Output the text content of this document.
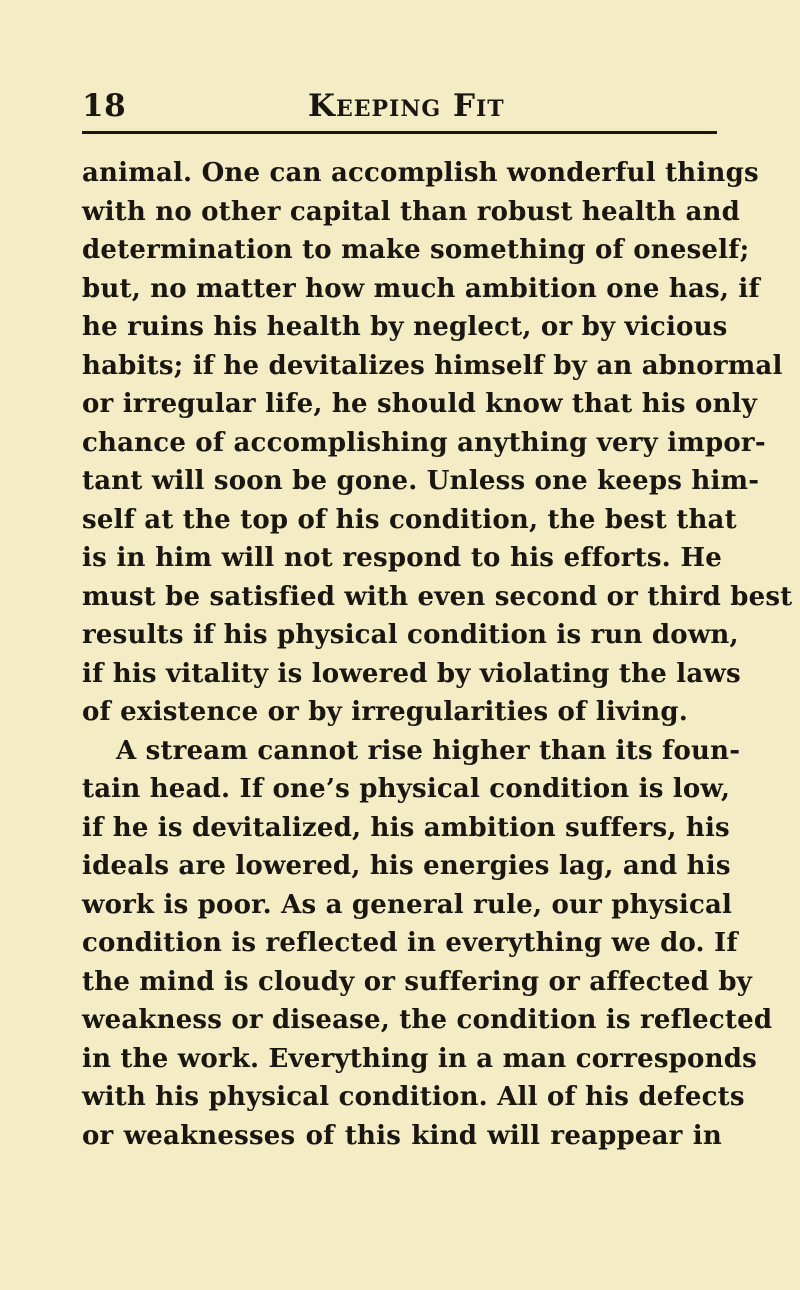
18	Keeping Fit
animal. One can accomplish wonderful things
with no other capital than robust health and
determination to make something of oneself;
but, no matter how much ambition one has, if
he ruins his health by neglect, or by vicious
habits; if he devitalizes himself by an abnormal
or irregular life, he should know that his only
chance of accomplishing anything very impor-
tant will soon be gone. Unless one keeps him-
self at the top of his condition, the best that
is in him will not respond to his efforts. He
must be satisfied with even second or third best
results if his physical condition is run down,
if his vitality is lowered by violating the laws
of existence or by irregularities of living.
A stream cannot rise higher than its foun-
tain head. If one’s physical condition is low,
if he is devitalized, his ambition suffers, his
ideals are lowered, his energies lag, and his
work is poor. As a general rule, our physical
condition is reflected in everything we do. If
the mind is cloudy or suffering or affected by
weakness or disease, the condition is reflected
in the work. Everything in a man corresponds
with his physical condition. All of his defects
or weaknesses of this kind will reappear in
